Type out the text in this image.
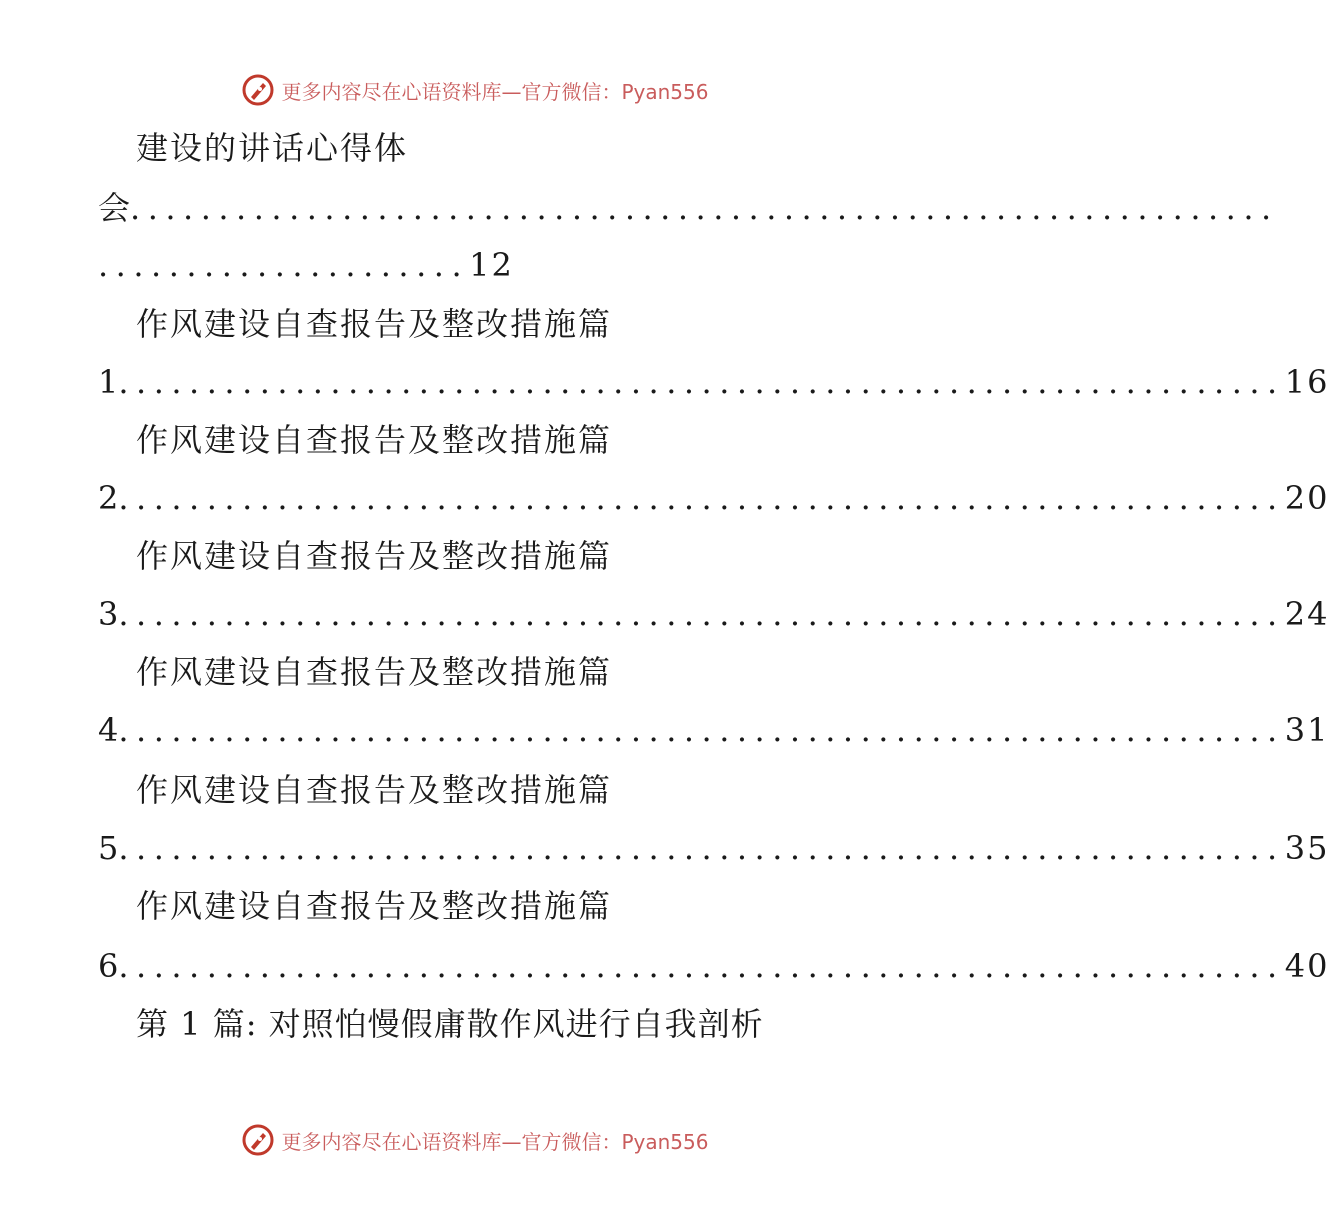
更多内容尽在心语资料库—官方微信：Pyan556
建设的讲话心得体
会 .................................................................
.....................12
作风建设自查报告及整改措施篇
1 .................................................................. 16
作风建设自查报告及整改措施篇
2 .................................................................. 20
作风建设自查报告及整改措施篇
3 .................................................................. 24
作风建设自查报告及整改措施篇
4 .................................................................. 31
作风建设自查报告及整改措施篇
5 .................................................................. 35
作风建设自查报告及整改措施篇
6 .................................................................. 40
第 1 篇: 对照怕慢假庸散作风进行自我剖析
更多内容尽在心语资料库—官方微信：Pyan556
